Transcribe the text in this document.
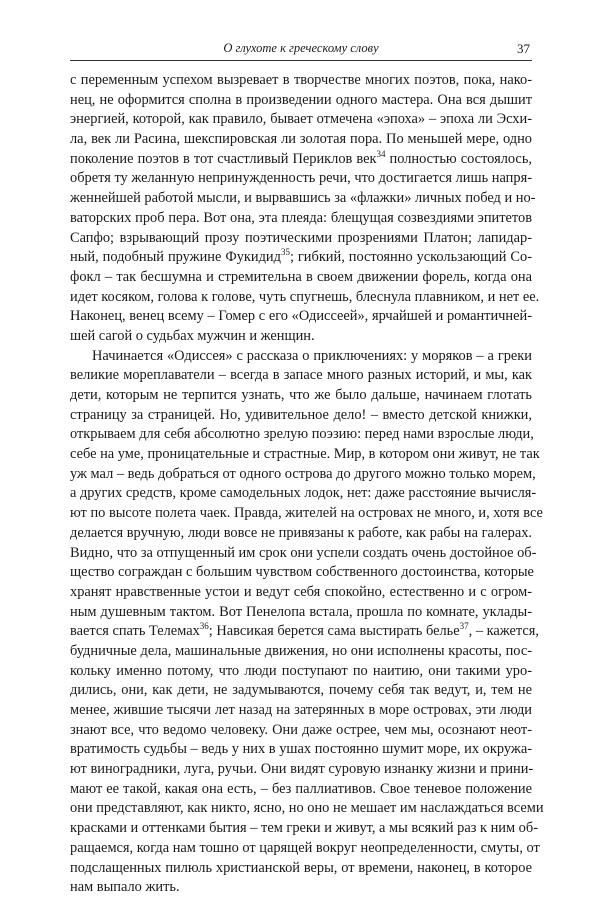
О глухоте к греческому слову	37
с переменным успехом вызревает в творчестве многих поэтов, пока, нако-
нец, не оформится сполна в произведении одного мастера. Она вся дышит
энергией, которой, как правило, бывает отмечена «эпоха» – эпоха ли Эсхи-
ла, век ли Расина, шекспировская ли золотая пора. По меньшей мере, одно
поколение поэтов в тот счастливый Периклов век$^{34}$ полностью состоялось,
обретя ту желанную непринужденность речи, что достигается лишь напря-
женнейшей работой мысли, и вырвавшись за «флажки» личных побед и но-
ваторских проб пера. Вот она, эта плеяда: блещущая созвездиями эпитетов
Сапфо; взрывающий прозу поэтическими прозрениями Платон; лапидар-
ный, подобный пружине Фукидид$^{35}$; гибкий, постоянно ускользающий Со-
фокл – так бесшумна и стремительна в своем движении форель, когда она
идет косяком, голова к голове, чуть спугнешь, блеснула плавником, и нет ее.
Наконец, венец всему – Гомер с его «Одиссеей», ярчайшей и романтичней-
шей сагой о судьбах мужчин и женщин.
Начинается «Одиссея» с рассказа о приключениях: у моряков – а греки
великие мореплаватели – всегда в запасе много разных историй, и мы, как
дети, которым не терпится узнать, что же было дальше, начинаем глотать
страницу за страницей. Но, удивительное дело! – вместо детской книжки,
открываем для себя абсолютно зрелую поэзию: перед нами взрослые люди,
себе на уме, проницательные и страстные. Мир, в котором они живут, не так
уж мал – ведь добраться от одного острова до другого можно только морем,
а других средств, кроме самодельных лодок, нет: даже расстояние вычисля-
ют по высоте полета чаек. Правда, жителей на островах не много, и, хотя все
делается вручную, люди вовсе не привязаны к работе, как рабы на галерах.
Видно, что за отпущенный им срок они успели создать очень достойное об-
щество сограждан с большим чувством собственного достоинства, которые
хранят нравственные устои и ведут себя спокойно, естественно и с огром-
ным душевным тактом. Вот Пенелопа встала, прошла по комнате, уклады-
вается спать Телемах$^{36}$; Навсикая берется сама выстирать белье$^{37}$, – кажется,
будничные дела, машинальные движения, но они исполнены красоты, пос-
кольку именно потому, что люди поступают по наитию, они такими уро-
дились, они, как дети, не задумываются, почему себя так ведут, и, тем не
менее, жившие тысячи лет назад на затерянных в море островах, эти люди
знают все, что ведомо человеку. Они даже острее, чем мы, осознают неот-
вратимость судьбы – ведь у них в ушах постоянно шумит море, их окружа-
ют виноградники, луга, ручьи. Они видят суровую изнанку жизни и прини-
мают ее такой, какая она есть, – без паллиативов. Свое теневое положение
они представляют, как никто, ясно, но оно не мешает им наслаждаться всеми
красками и оттенками бытия – тем греки и живут, а мы всякий раз к ним об-
ращаемся, когда нам тошно от царящей вокруг неопределенности, смуты, от
подслащенных пилюль христианской веры, от времени, наконец, в которое
нам выпало жить.
